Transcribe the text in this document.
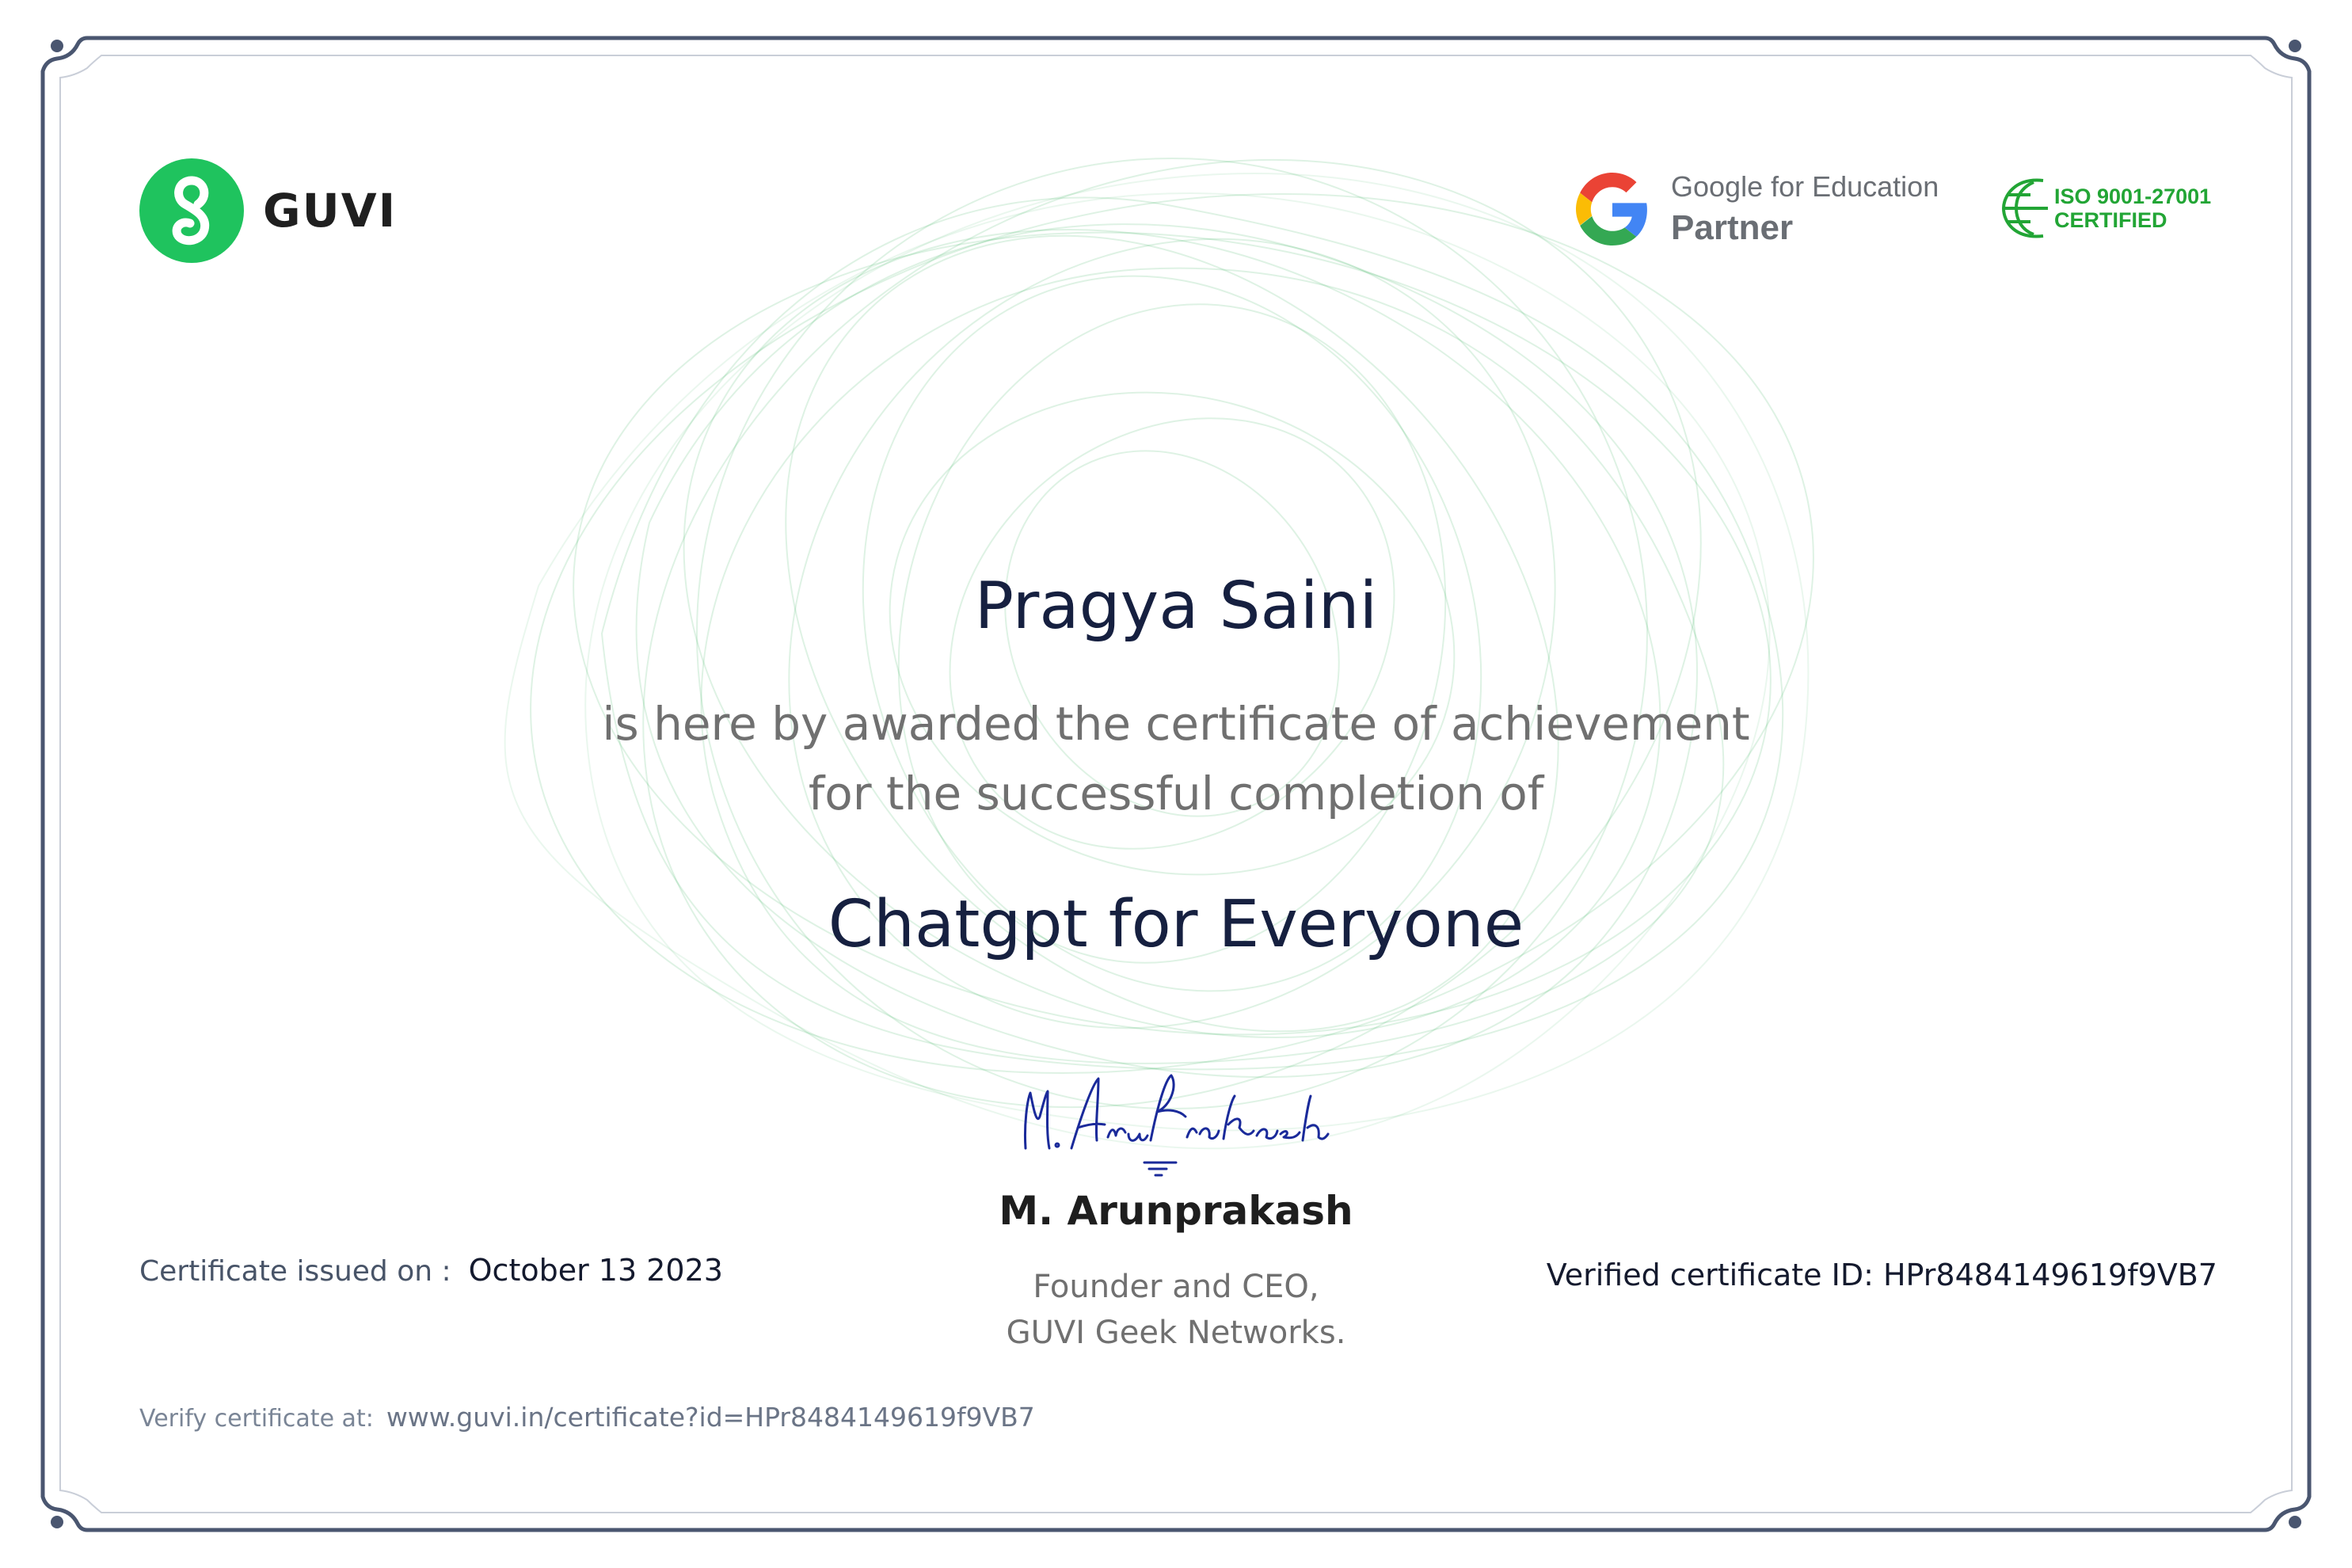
GUVI	Google for Education
Partner
ISO 9001-27001
CERTIFIED
Pragya Saini
is here by awarded the certificate of achievement
for the successful completion of
Chatgpt for Everyone
M. Arunprakash
Founder and CEO,
GUVI Geek Networks.
Certificate issued on : October 13 2023	Verified certificate ID: HPr8484149619f9VB7
Verify certificate at: www.guvi.in/certificate?id=HPr8484149619f9VB7
